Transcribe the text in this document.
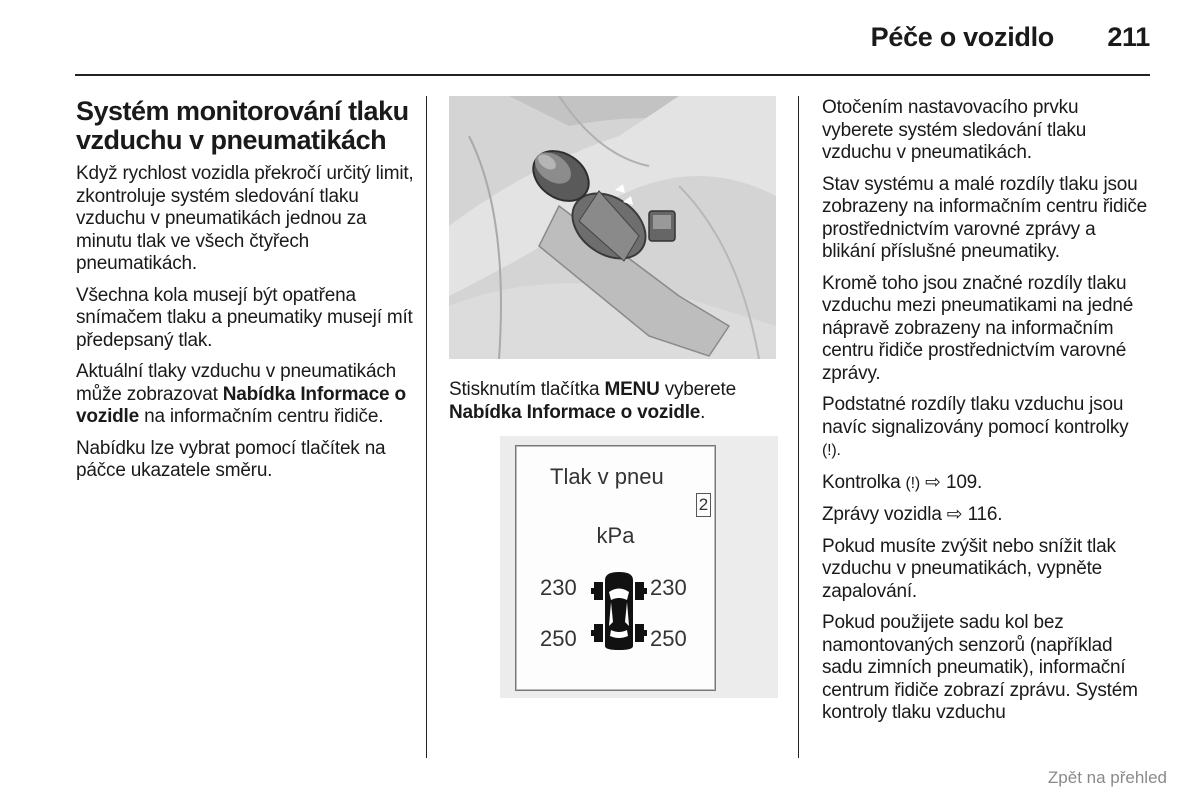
Péče o vozidlo 211
Systém monitorování tlaku vzduchu v pneumatikách

Když rychlost vozidla překročí určitý limit, zkontroluje systém sledování tlaku vzduchu v pneumatikách jednou za minutu tlak ve všech čtyřech pneumatikách.

Všechna kola musejí být opatřena snímačem tlaku a pneumatiky musejí mít předepsaný tlak.

Aktuální tlaky vzduchu v pneumatikách může zobrazovat Nabídka Informace o vozidle na informačním centru řidiče.

Nabídku lze vybrat pomocí tlačítek na páčce ukazatele směru.

Stisknutím tlačítka MENU vyberete Nabídka Informace o vozidle.
Tlak v pneu
2
kPa
230	230
250	250

Otočením nastavovacího prvku vyberete systém sledování tlaku vzduchu v pneumatikách.

Stav systému a malé rozdíly tlaku jsou zobrazeny na informačním centru řidiče prostřednictvím varovné zprávy a blikání příslušné pneumatiky.

Kromě toho jsou značné rozdíly tlaku vzduchu mezi pneumatikami na jedné nápravě zobrazeny na informačním centru řidiče prostřednictvím varovné zprávy.

Podstatné rozdíly tlaku vzduchu jsou navíc signalizovány pomocí kontrolky
(!).

Kontrolka (!) ⇨ 109.

Zprávy vozidla ⇨ 116.

Pokud musíte zvýšit nebo snížit tlak vzduchu v pneumatikách, vypněte zapalování.

Pokud použijete sadu kol bez namontovaných senzorů (například sadu zimních pneumatik), informační centrum řidiče zobrazí zprávu. Systém kontroly tlaku vzduchu

Zpět na přehled
